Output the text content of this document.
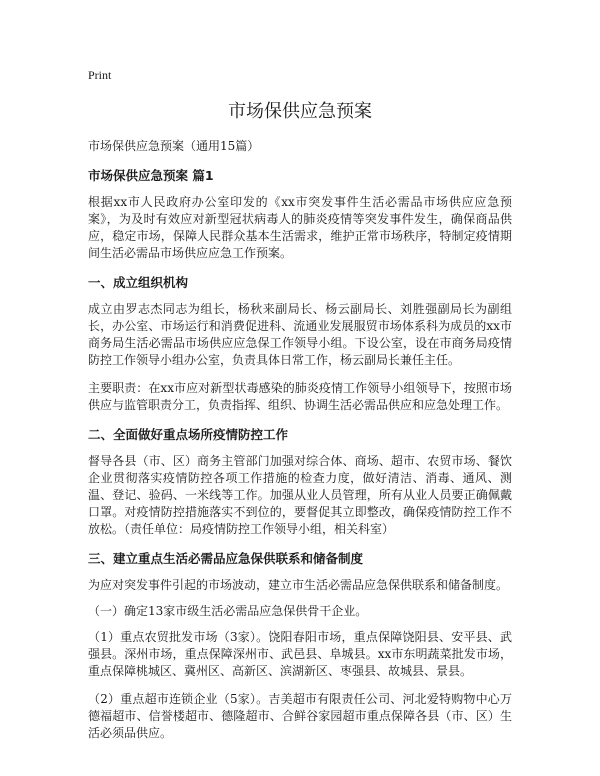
Print
市场保供应急预案
市场保供应急预案（通用15篇）
市场保供应急预案 篇1

根据xx市人民政府办公室印发的《xx市突发事件生活必需品市场供应应急预案》，为及时有效应对新型冠状病毒人的肺炎疫情等突发事件发生，确保商品供应，稳定市场，保障人民群众基本生活需求，维护正常市场秩序，特制定疫情期间生活必需品市场供应应急工作预案。

一、成立组织机构

成立由罗志杰同志为组长，杨秋来副局长、杨云副局长、刘胜强副局长为副组长，办公室、市场运行和消费促进科、流通业发展服贸市场体系科为成员的xx市商务局生活必需品市场供应应急保工作领导小组。下设公室，设在市商务局疫情防控工作领导小组办公室，负责具体日常工作，杨云副局长兼任主任。

主要职责：在xx市应对新型状毒感染的肺炎疫情工作领导小组领导下，按照市场供应与监管职责分工，负责指挥、组织、协调生活必需品供应和应急处理工作。

二、全面做好重点场所疫情防控工作

督导各县（市、区）商务主管部门加强对综合体、商场、超市、农贸市场、餐饮企业贯彻落实疫情防控各项工作措施的检查力度，做好清洁、消毒、通风、测温、登记、验码、一米线等工作。加强从业人员管理，所有从业人员要正确佩戴口罩。对疫情防控措施落实不到位的，要督促其立即整改，确保疫情防控工作不放松。（责任单位：局疫情防控工作领导小组，相关科室）

三、建立重点生活必需品应急保供联系和储备制度

为应对突发事件引起的市场波动，建立市生活必需品应急保供联系和储备制度。

（一）确定13家市级生活必需品应急保供骨干企业。

（1）重点农贸批发市场（3家）。饶阳春阳市场，重点保障饶阳县、安平县、武强县。深州市场，重点保障深州市、武邑县、阜城县。xx市东明蔬菜批发市场，重点保障桃城区、冀州区、高新区、滨湖新区、枣强县、故城县、景县。

（2）重点超市连锁企业（5家）。吉美超市有限责任公司、河北爱特购物中心万德福超市、信誉楼超市、德隆超市、合鲜谷家园超市重点保障各县（市、区）生活必须品供应。
